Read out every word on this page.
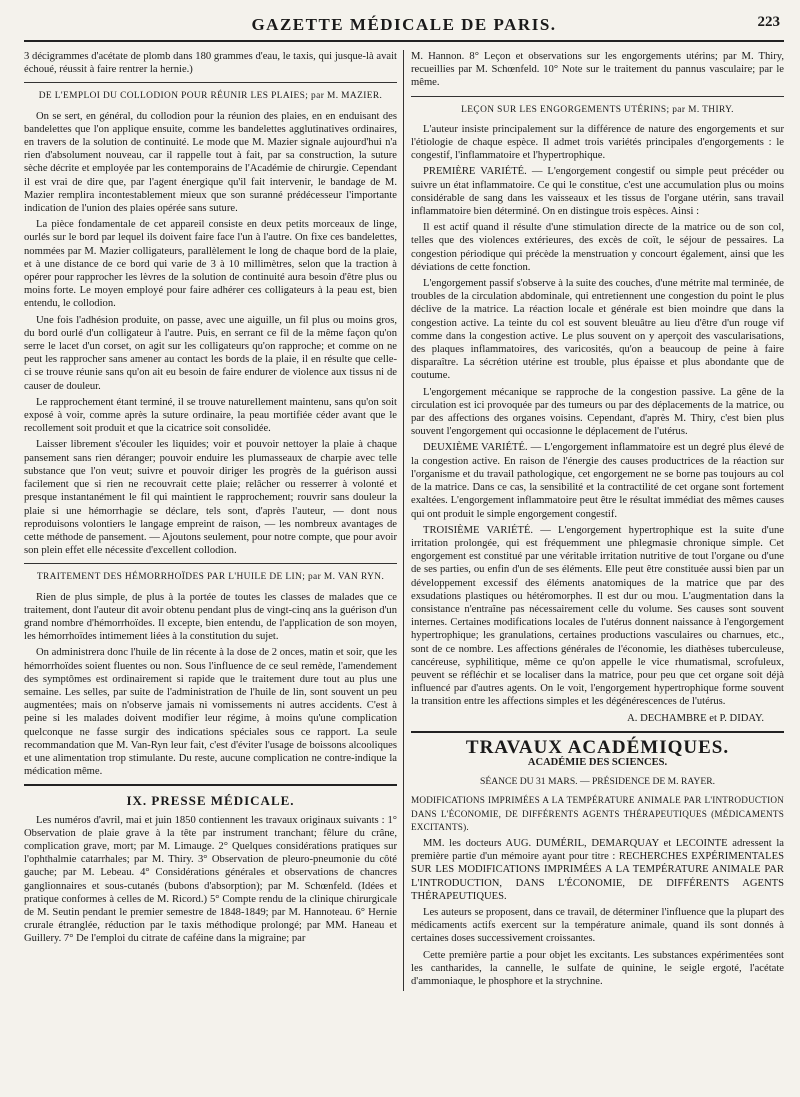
GAZETTE MÉDICALE DE PARIS.	223

3 décigrammes d'acétate de plomb dans 180 grammes d'eau, le taxis, qui jusque-là avait échoué, réussit à faire rentrer la hernie.)

DE L'EMPLOI DU COLLODION POUR RÉUNIR LES PLAIES; par M. MAZIER.

On se sert, en général, du collodion pour la réunion des plaies, en en enduisant des bandelettes que l'on applique ensuite, comme les bandelettes agglutinatives ordinaires, en travers de la solution de continuité. Le mode que M. Mazier signale aujourd'hui n'a rien d'absolument nouveau, car il rappelle tout à fait, par sa construction, la suture sèche décrite et employée par les contemporains de l'Académie de chirurgie. Cependant il est vrai de dire que, par l'agent énergique qu'il fait intervenir, le bandage de M. Mazier remplira incontestablement mieux que son suranné prédécesseur l'importante indication de l'union des plaies opérée sans suture.

La pièce fondamentale de cet appareil consiste en deux petits morceaux de linge, ourlés sur le bord par lequel ils doivent faire face l'un à l'autre. On fixe ces bandelettes, nommées par M. Mazier colligateurs, parallèlement le long de chaque bord de la plaie, et à une distance de ce bord qui varie de 3 à 10 millimètres, selon que la traction à opérer pour rapprocher les lèvres de la solution de continuité aura besoin d'être plus ou moins forte. Le moyen employé pour faire adhérer ces colligateurs à la peau est, bien entendu, le collodion.

Une fois l'adhésion produite, on passe, avec une aiguille, un fil plus ou moins gros, du bord ourlé d'un colligateur à l'autre. Puis, en serrant ce fil de la même façon qu'on serre le lacet d'un corset, on agit sur les colligateurs qu'on rapproche; et comme on ne peut les rapprocher sans amener au contact les bords de la plaie, il en résulte que celle-ci se trouve réunie sans qu'on ait eu besoin de faire endurer de violence aux tissus ni de causer de douleur.

Le rapprochement étant terminé, il se trouve naturellement maintenu, sans qu'on soit exposé à voir, comme après la suture ordinaire, la peau mortifiée céder avant que le recollement soit produit et que la cicatrice soit consolidée.

Laisser librement s'écouler les liquides; voir et pouvoir nettoyer la plaie à chaque pansement sans rien déranger; pouvoir enduire les plumasseaux de charpie avec telle substance que l'on veut; suivre et pouvoir diriger les progrès de la guérison aussi facilement que si rien ne recouvrait cette plaie; relâcher ou resserrer à volonté et presque instantanément le fil qui maintient le rapprochement; rouvrir sans douleur la plaie si une hémorrhagie se déclare, tels sont, d'après l'auteur, — dont nous reproduisons volontiers le langage empreint de raison, — les nombreux avantages de cette méthode de pansement. — Ajoutons seulement, pour notre compte, que pour avoir son plein effet elle nécessite d'excellent collodion.

TRAITEMENT DES HÉMORRHOÏDES PAR L'HUILE DE LIN; par M. VAN RYN.

Rien de plus simple, de plus à la portée de toutes les classes de malades que ce traitement, dont l'auteur dit avoir obtenu pendant plus de vingt-cinq ans la guérison d'un grand nombre d'hémorrhoïdes. Il excepte, bien entendu, de l'application de son moyen, les hémorrhoïdes intimement liées à la constitution du sujet.

On administrera donc l'huile de lin récente à la dose de 2 onces, matin et soir, que les hémorrhoïdes soient fluentes ou non. Sous l'influence de ce seul remède, l'amendement des symptômes est ordinairement si rapide que le traitement dure tout au plus une semaine. Les selles, par suite de l'administration de l'huile de lin, sont souvent un peu augmentées; mais on n'observe jamais ni vomissements ni autres accidents. C'est à peine si les malades doivent modifier leur régime, à moins qu'une complication quelconque ne fasse surgir des indications spéciales sous ce rapport. La seule recommandation que M. Van-Ryn leur fait, c'est d'éviter l'usage de boissons alcooliques et une alimentation trop stimulante. Du reste, aucune complication ne contre-indique la médication même.

IX. PRESSE MÉDICALE.

Les numéros d'avril, mai et juin 1850 contiennent les travaux originaux suivants : 1° Observation de plaie grave à la tête par instrument tranchant; fêlure du crâne, complication grave, mort; par M. Limauge. 2° Quelques considérations pratiques sur l'ophthalmie catarrhales; par M. Thiry. 3° Observation de pleuro-pneumonie du côté gauche; par M. Lebeau. 4° Considérations générales et observations de chancres ganglionnaires et sous-cutanés (bubons d'absorption); par M. Schœnfeld. (Idées et pratique conformes à celles de M. Ricord.) 5° Compte rendu de la clinique chirurgicale de M. Seutin pendant le premier semestre de 1848-1849; par M. Hannoteau. 6° Hernie crurale étranglée, réduction par le taxis méthodique prolongé; par MM. Haneau et Guillery. 7° De l'emploi du citrate de caféine dans la migraine; par

M. Hannon. 8° Leçon et observations sur les engorgements utérins; par M. Thiry, recueillies par M. Schœnfeld. 10° Note sur le traitement du pannus vasculaire; par le même.

LEÇON SUR LES ENGORGEMENTS UTÉRINS; par M. THIRY.

L'auteur insiste principalement sur la différence de nature des engorgements et sur l'étiologie de chaque espèce. Il admet trois variétés principales d'engorgements : le congestif, l'inflammatoire et l'hypertrophique.

PREMIÈRE VARIÉTÉ. — L'engorgement congestif ou simple peut précéder ou suivre un état inflammatoire. Ce qui le constitue, c'est une accumulation plus ou moins considérable de sang dans les vaisseaux et les tissus de l'organe utérin, sans travail inflammatoire bien déterminé. On en distingue trois espèces. Ainsi :

Il est actif quand il résulte d'une stimulation directe de la matrice ou de son col, telles que des violences extérieures, des excès de coït, le séjour de pessaires. La congestion périodique qui précède la menstruation y concourt également, ainsi que les déviations de cette fonction.

L'engorgement passif s'observe à la suite des couches, d'une métrite mal terminée, de troubles de la circulation abdominale, qui entretiennent une congestion du point le plus déclive de la matrice. La réaction locale et générale est bien moindre que dans la congestion active. La teinte du col est souvent bleuâtre au lieu d'être d'un rouge vif comme dans la congestion active. Le plus souvent on y aperçoit des vascularisations, des plaques inflammatoires, des varicosités, qu'on a beaucoup de peine à faire disparaître. La sécrétion utérine est trouble, plus épaisse et plus abondante que de coutume.

L'engorgement mécanique se rapproche de la congestion passive. La gêne de la circulation est ici provoquée par des tumeurs ou par des déplacements de la matrice, ou par des affections des organes voisins. Cependant, d'après M. Thiry, c'est bien plus souvent l'engorgement qui occasionne le déplacement de l'utérus.

DEUXIÈME VARIÉTÉ. — L'engorgement inflammatoire est un degré plus élevé de la congestion active. En raison de l'énergie des causes productrices de la réaction sur l'organisme et du travail pathologique, cet engorgement ne se borne pas toujours au col de la matrice. Dans ce cas, la sensibilité et la contractilité de cet organe sont fortement exaltées. L'engorgement inflammatoire peut être le résultat immédiat des mêmes causes qui ont produit le simple engorgement congestif.

TROISIÈME VARIÉTÉ. — L'engorgement hypertrophique est la suite d'une irritation prolongée, qui est fréquemment une phlegmasie chronique simple. Cet engorgement est constitué par une véritable irritation nutritive de tout l'organe ou d'une de ses parties, ou enfin d'un de ses éléments. Elle peut être constituée aussi bien par un développement excessif des éléments anatomiques de la matrice que par des exsudations plastiques ou hétéromorphes. Il est dur ou mou. L'augmentation dans la consistance n'entraîne pas nécessairement celle du volume. Ses causes sont souvent internes. Certaines modifications locales de l'utérus donnent naissance à l'engorgement hypertrophique; les granulations, certaines productions vasculaires ou charnues, etc., sont de ce nombre. Les affections générales de l'économie, les diathèses tuberculeuse, cancéreuse, syphilitique, même ce qu'on appelle le vice rhumatismal, scrofuleux, peuvent se réfléchir et se localiser dans la matrice, pour peu que cet organe soit déjà influencé par d'autres agents. On le voit, l'engorgement hypertrophique forme souvent la transition entre les affections simples et les dégénérescences de l'utérus.

A. DECHAMBRE et P. DIDAY.
TRAVAUX ACADÉMIQUES.
ACADÉMIE DES SCIENCES.
SÉANCE DU 31 MARS. — PRÉSIDENCE DE M. RAYER.

MODIFICATIONS IMPRIMÉES A LA TEMPÉRATURE ANIMALE PAR L'INTRODUCTION DANS L'ÉCONOMIE, DE DIFFÉRENTS AGENTS THÉRAPEUTIQUES (MÉDICAMENTS EXCITANTS).

MM. les docteurs AUG. DUMÉRIL, DEMARQUAY et LECOINTE adressent la première partie d'un mémoire ayant pour titre : RECHERCHES EXPÉRIMENTALES SUR LES MODIFICATIONS IMPRIMÉES A LA TEMPÉRATURE ANIMALE PAR L'INTRODUCTION, DANS L'ÉCONOMIE, DE DIFFÉRENTS AGENTS THÉRAPEUTIQUES.

Les auteurs se proposent, dans ce travail, de déterminer l'influence que la plupart des médicaments actifs exercent sur la température animale, quand ils sont donnés à certaines doses successivement croissantes.

Cette première partie a pour objet les excitants. Les substances expérimentées sont les cantharides, la cannelle, le sulfate de quinine, le seigle ergoté, l'acétate d'ammoniaque, le phosphore et la strychnine.
